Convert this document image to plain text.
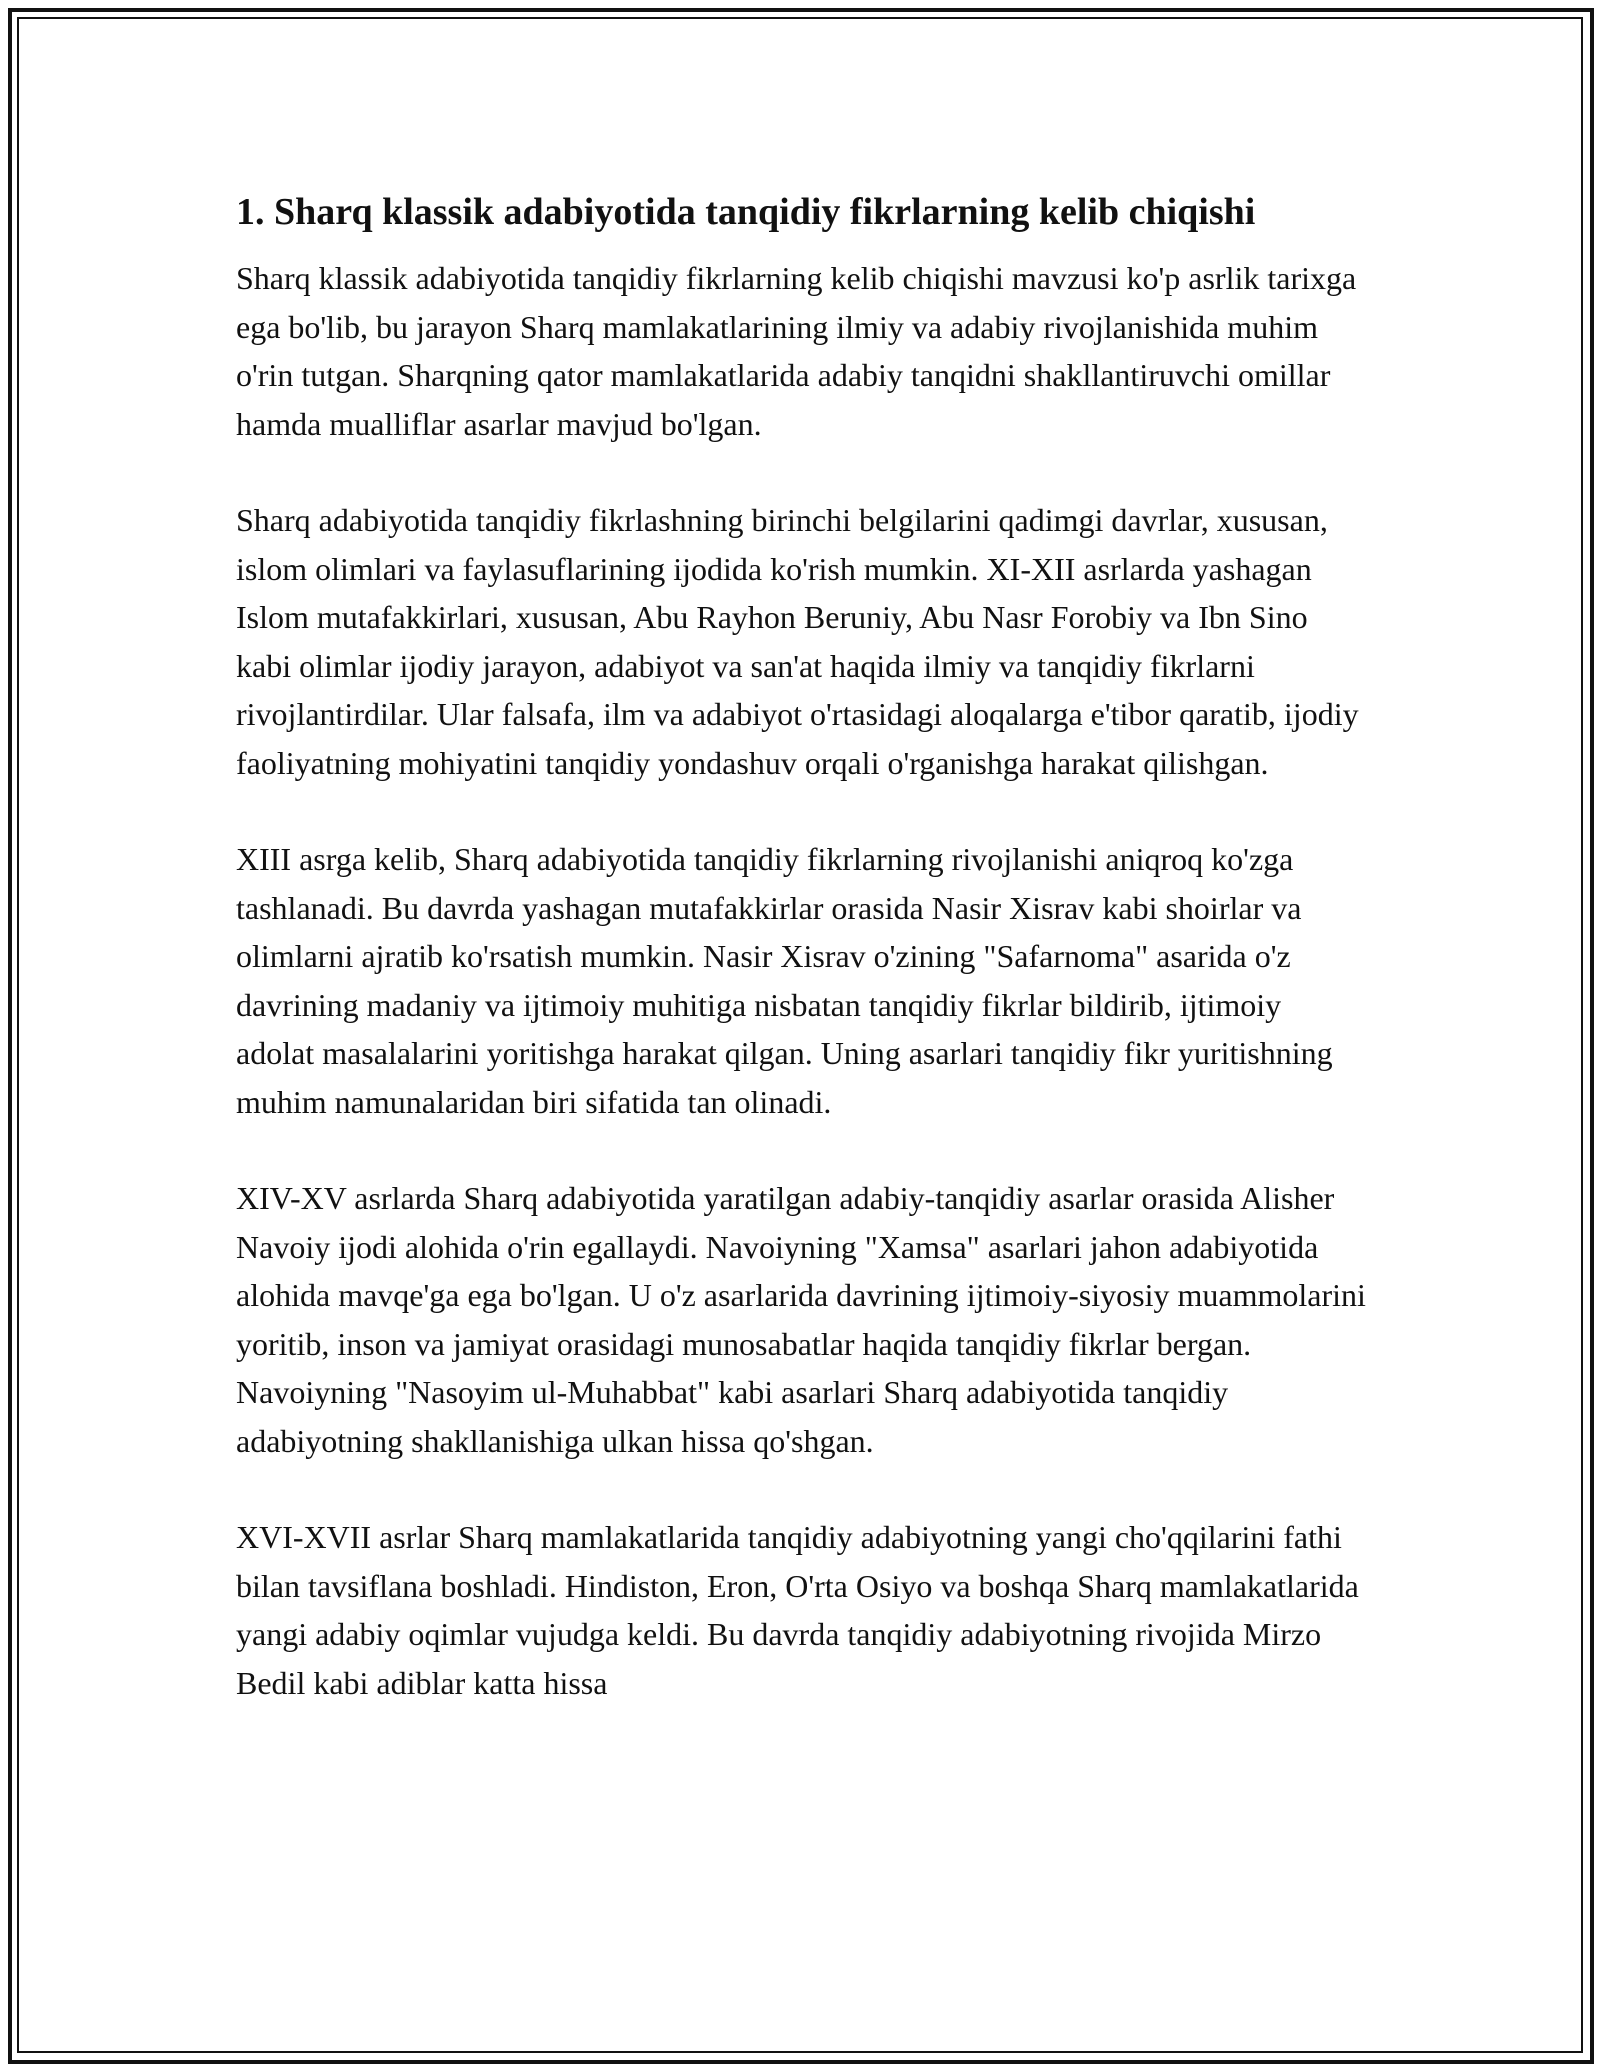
1. Sharq klassik adabiyotida tanqidiy fikrlarning kelib chiqishi

Sharq klassik adabiyotida tanqidiy fikrlarning kelib chiqishi mavzusi ko'p asrlik tarixga ega bo'lib, bu jarayon Sharq mamlakatlarining ilmiy va adabiy rivojlanishida muhim o'rin tutgan. Sharqning qator mamlakatlarida adabiy tanqidni shakllantiruvchi omillar hamda mualliflar asarlar mavjud bo'lgan.

Sharq adabiyotida tanqidiy fikrlashning birinchi belgilarini qadimgi davrlar, xususan, islom olimlari va faylasuflarining ijodida ko'rish mumkin. XI-XII asrlarda yashagan Islom mutafakkirlari, xususan, Abu Rayhon Beruniy, Abu Nasr Forobiy va Ibn Sino kabi olimlar ijodiy jarayon, adabiyot va san'at haqida ilmiy va tanqidiy fikrlarni rivojlantirdilar. Ular falsafa, ilm va adabiyot o'rtasidagi aloqalarga e'tibor qaratib, ijodiy faoliyatning mohiyatini tanqidiy yondashuv orqali o'rganishga harakat qilishgan.

XIII asrga kelib, Sharq adabiyotida tanqidiy fikrlarning rivojlanishi aniqroq ko'zga tashlanadi. Bu davrda yashagan mutafakkirlar orasida Nasir Xisrav kabi shoirlar va olimlarni ajratib ko'rsatish mumkin. Nasir Xisrav o'zining "Safarnoma" asarida o'z davrining madaniy va ijtimoiy muhitiga nisbatan tanqidiy fikrlar bildirib, ijtimoiy adolat masalalarini yoritishga harakat qilgan. Uning asarlari tanqidiy fikr yuritishning muhim namunalaridan biri sifatida tan olinadi.

XIV-XV asrlarda Sharq adabiyotida yaratilgan adabiy-tanqidiy asarlar orasida Alisher Navoiy ijodi alohida o'rin egallaydi. Navoiyning "Xamsa" asarlari jahon adabiyotida alohida mavqe'ga ega bo'lgan. U o'z asarlarida davrining ijtimoiy-siyosiy muammolarini yoritib, inson va jamiyat orasidagi munosabatlar haqida tanqidiy fikrlar bergan. Navoiyning "Nasoyim ul-Muhabbat" kabi asarlari Sharq adabiyotida tanqidiy adabiyotning shakllanishiga ulkan hissa qo'shgan.

XVI-XVII asrlar Sharq mamlakatlarida tanqidiy adabiyotning yangi cho'qqilarini fathi bilan tavsiflana boshladi. Hindiston, Eron, O'rta Osiyo va boshqa Sharq mamlakatlarida yangi adabiy oqimlar vujudga keldi. Bu davrda tanqidiy adabiyotning rivojida Mirzo Bedil kabi adiblar katta hissa
